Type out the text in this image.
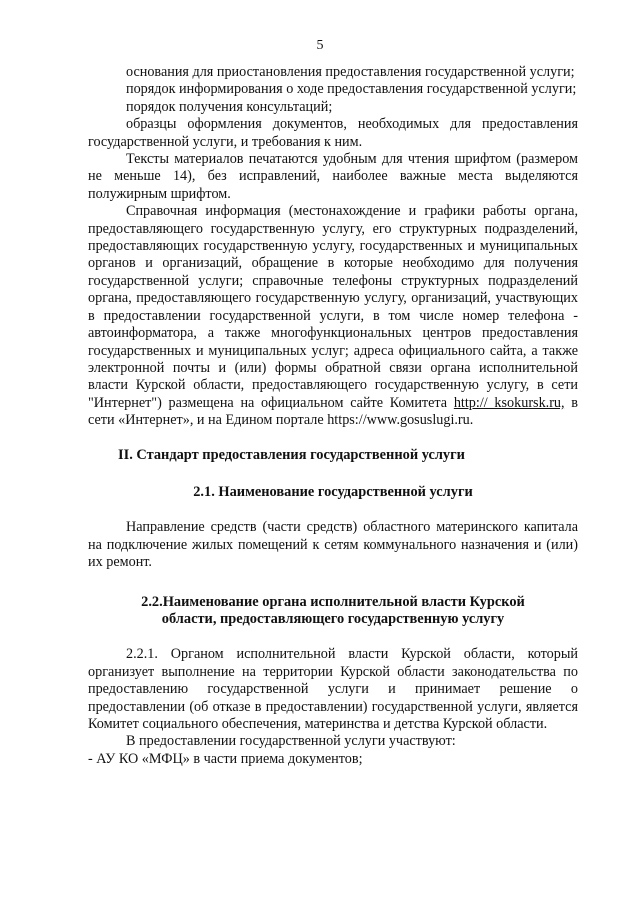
5

основания для приостановления предоставления государственной услуги;

порядок информирования о ходе предоставления государственной услуги;

порядок получения консультаций;

образцы оформления документов, необходимых для предоставления государственной услуги, и требования к ним.

Тексты материалов печатаются удобным для чтения шрифтом (размером не меньше 14), без исправлений, наиболее важные места выделяются полужирным шрифтом.

Справочная информация (местонахождение и графики работы органа, предоставляющего государственную услугу, его структурных подразделений, предоставляющих государственную услугу, государственных и муниципальных органов и организаций, обращение в которые необходимо для получения государственной услуги; справочные телефоны структурных подразделений органа, предоставляющего государственную услугу, организаций, участвующих в предоставлении государственной услуги, в том числе номер телефона - автоинформатора, а также многофункциональных центров предоставления государственных и муниципальных услуг; адреса официального сайта, а также электронной почты и (или) формы обратной связи органа исполнительной власти Курской области, предоставляющего государственную услугу, в сети "Интернет") размещена на официальном сайте Комитета http:// ksokursk.ru, в сети «Интернет», и на Едином портале https://www.gosuslugi.ru.

II. Стандарт предоставления государственной услуги
2.1. Наименование государственной услуги

Направление средств (части средств) областного материнского капитала на подключение жилых помещений к сетям коммунального назначения и (или) их ремонт.

2.2.Наименование органа исполнительной власти Курской
области, предоставляющего государственную услугу

2.2.1. Органом исполнительной власти Курской области, который организует выполнение на территории Курской области законодательства по предоставлению государственной услуги и принимает решение о предоставлении (об отказе в предоставлении) государственной услуги, является Комитет социального обеспечения, материнства и детства Курской области.

В предоставлении государственной услуги участвуют:

- АУ КО «МФЦ» в части приема документов;
